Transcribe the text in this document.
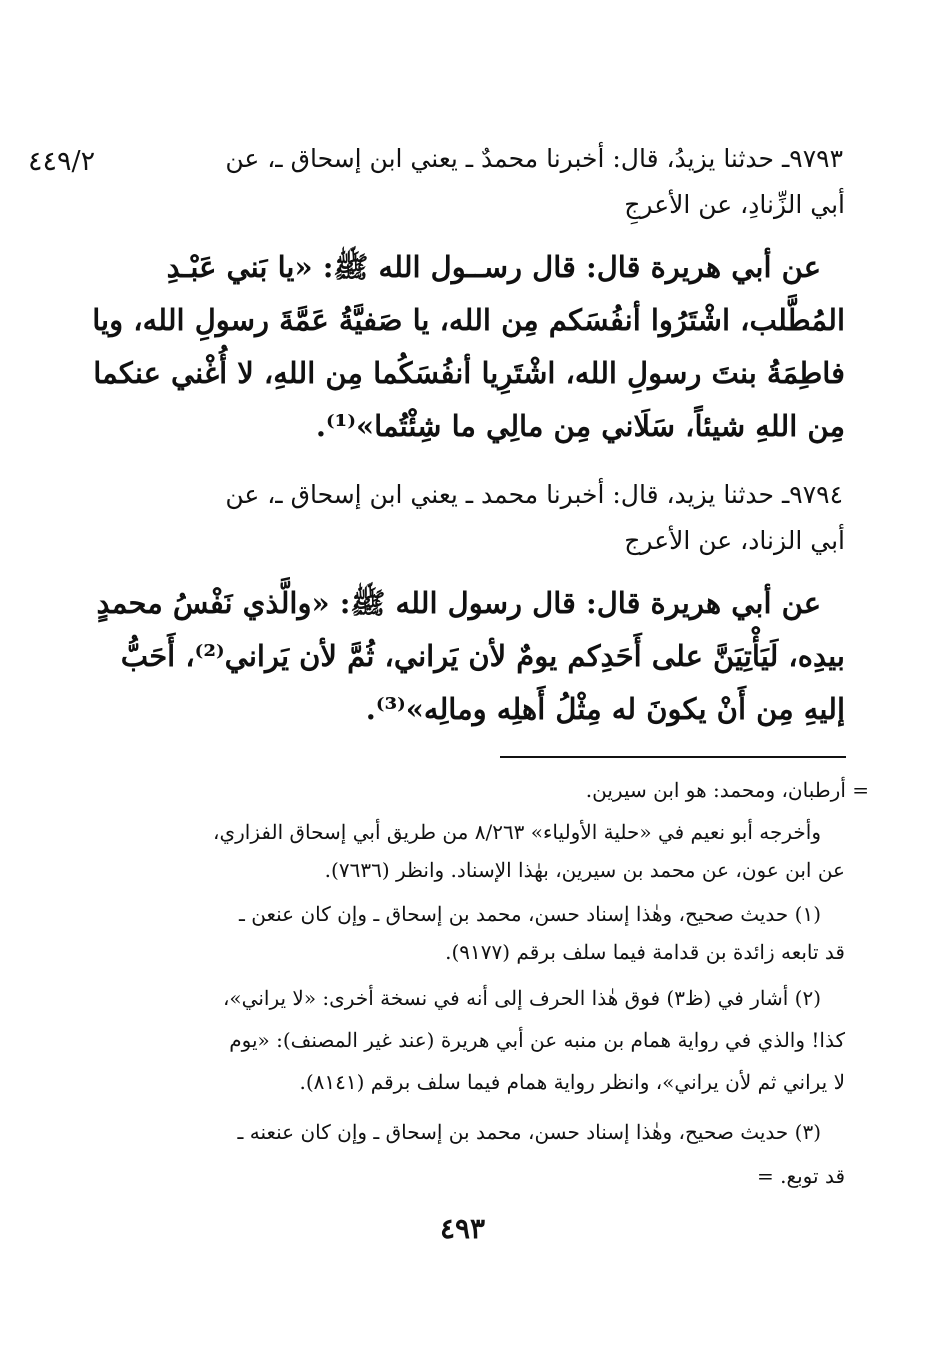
٤٤٩/٢	٩٧٩٣ـ حدثنا يزيدُ، قال: أخبرنا محمدٌ ـ يعني ابن إسحاق ـ، عن
أبي الزِّنادِ، عن الأعرجِ
عن أبي هريرة قال: قال رســول الله ﷺ: «يا بَني عَبْـدِ
المُطَّلب، اشْتَرُوا أنفُسَكم مِن الله، يا صَفيَّةُ عَمَّةَ رسولِ الله، ويا
فاطِمَةُ بنتَ رسولِ الله، اشْتَرِيا أنفُسَكُما مِن اللهِ، لا أُغْني عنكما
مِن اللهِ شيئاً، سَلَاني مِن مالِي ما شِئْتُما»⁽¹⁾.
٩٧٩٤ـ حدثنا يزيد، قال: أخبرنا محمد ـ يعني ابن إسحاق ـ، عن
أبي الزناد، عن الأعرج
عن أبي هريرة قال: قال رسول الله ﷺ: «والَّذي نَفْسُ محمدٍ
بيدِه، لَيَأْتِيَنَّ على أَحَدِكم يومٌ لأن يَراني، ثُمَّ لأن يَراني⁽²⁾، أَحَبُّ
إليهِ مِن أَنْ يكونَ له مِثْلُ أَهلِه ومالِه»⁽³⁾.
= أرطبان، ومحمد: هو ابن سيرين.
وأخرجه أبو نعيم في «حلية الأولياء» ٨/٢٦٣ من طريق أبي إسحاق الفزاري،
عن ابن عون، عن محمد بن سيرين، بهٰذا الإسناد. وانظر (٧٦٣٦).
(١) حديث صحيح، وهٰذا إسناد حسن، محمد بن إسحاق ـ وإن كان عنعن ـ
قد تابعه زائدة بن قدامة فيما سلف برقم (٩١٧٧).
(٢) أشار في (ظ٣) فوق هٰذا الحرف إلى أنه في نسخة أخرى: «لا يراني»،
كذا! والذي في رواية همام بن منبه عن أبي هريرة (عند غير المصنف): «يوم
لا يراني ثم لأن يراني»، وانظر رواية همام فيما سلف برقم (٨١٤١).
(٣) حديث صحيح، وهٰذا إسناد حسن، محمد بن إسحاق ـ وإن كان عنعنه ـ
قد توبع. =
٤٩٣
